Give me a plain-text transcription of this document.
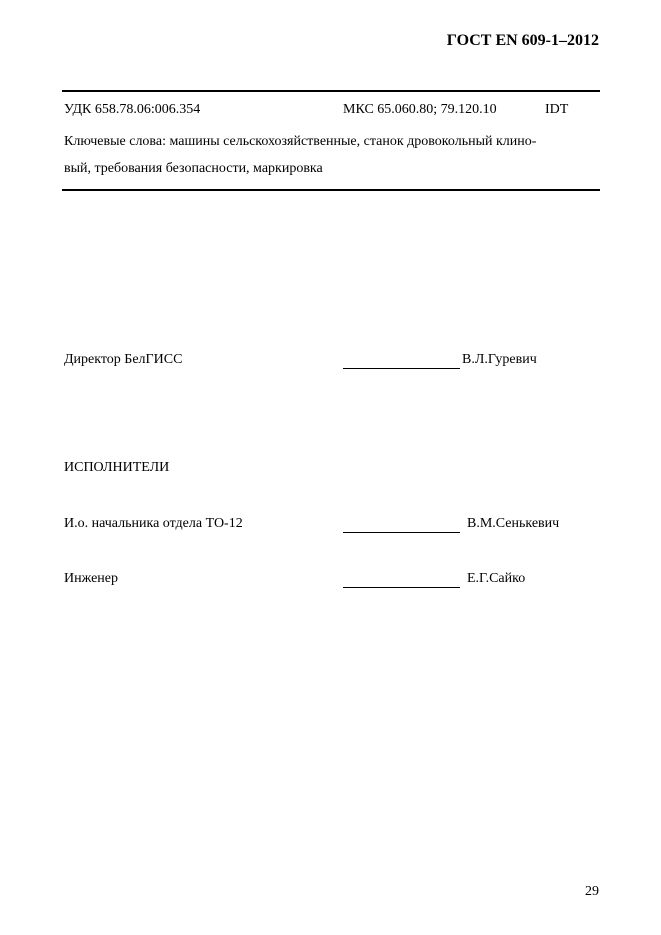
ГОСТ EN 609-1–2012
УДК 658.78.06:006.354	МКС 65.060.80; 79.120.10	IDT
Ключевые слова: машины сельскохозяйственные, станок дровокольный клино-
вый, требования безопасности, маркировка
Директор БелГИСС	В.Л.Гуревич
ИСПОЛНИТЕЛИ
И.о. начальника отдела ТО-12	В.М.Сенькевич
Инженер	Е.Г.Сайко
29
